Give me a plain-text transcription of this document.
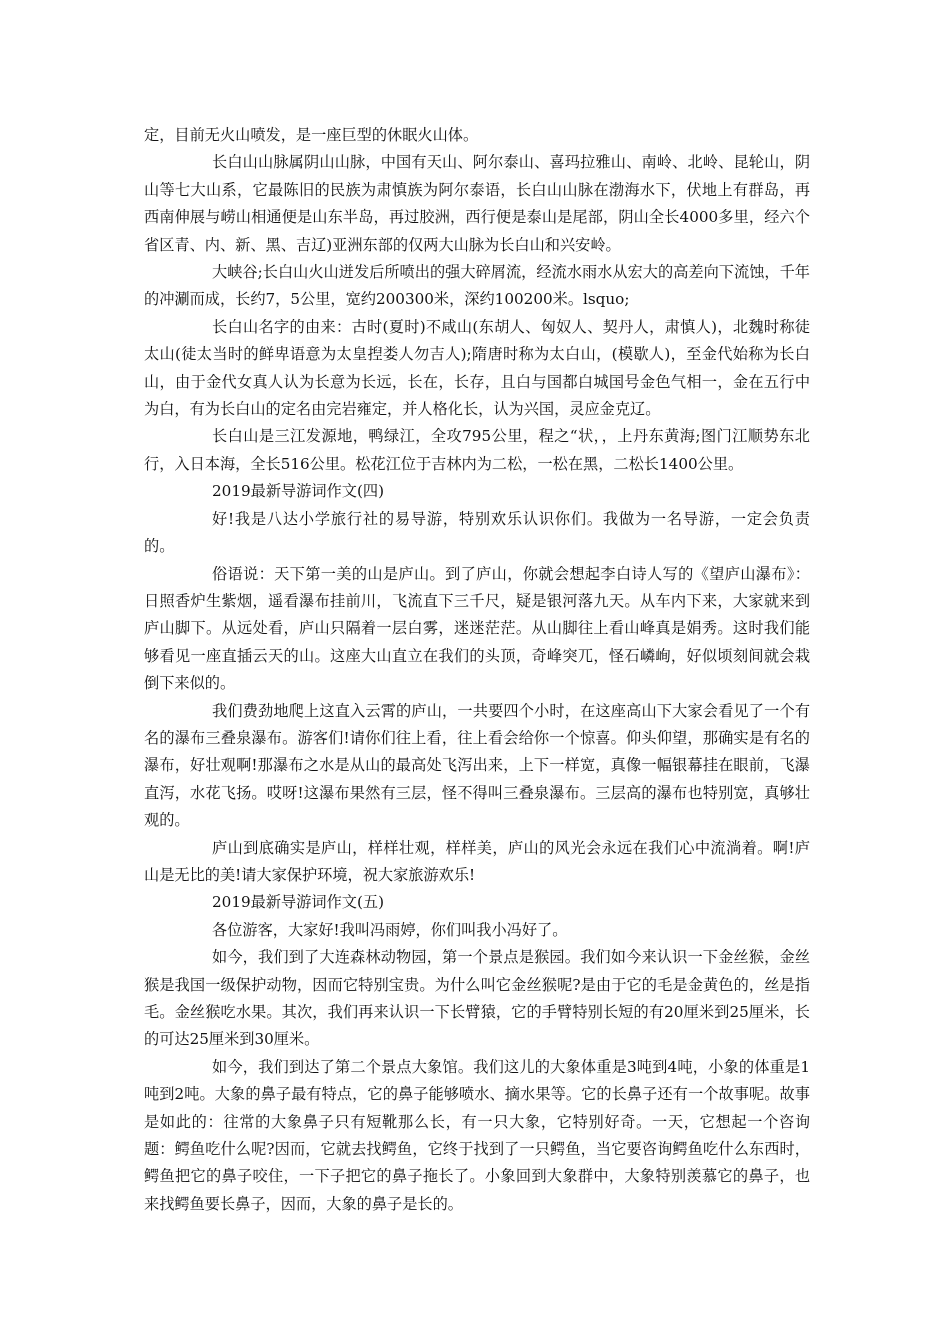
定，目前无火山喷发，是一座巨型的休眠火山体。

长白山山脉属阴山山脉，中国有天山、阿尔泰山、喜玛拉雅山、南岭、北岭、昆轮山，阴山等七大山系，它最陈旧的民族为肃慎族为阿尔泰语，长白山山脉在渤海水下，伏地上有群岛，再西南伸展与崂山相通便是山东半岛，再过胶洲，西行便是泰山是尾部，阴山全长4000多里，经六个省区青、内、新、黑、吉辽)亚洲东部的仅两大山脉为长白山和兴安岭。

大峡谷;长白山火山迸发后所喷出的强大碎屑流，经流水雨水从宏大的高差向下流蚀，千年的冲涮而成，长约7，5公里，宽约200300米，深约100200米。lsquo;

长白山名字的由来：古时(夏时)不咸山(东胡人、匈奴人、契丹人，肃慎人)，北魏时称徒太山(徒太当时的鲜卑语意为太皇揑娄人勿吉人);隋唐时称为太白山，(模歇人)，至金代始称为长白山，由于金代女真人认为长意为长远，长在，长存，且白与国都白城国号金色气相一，金在五行中为白，有为长白山的定名由完岩雍定，并人格化长，认为兴国，灵应金克辽。

长白山是三江发源地，鸭绿江，全攻795公里，程之“状，，上丹东黄海;图门江顺势东北行，入日本海，全长516公里。松花江位于吉林内为二松，一松在黑，二松长1400公里。

2019最新导游词作文(四)

好!我是八达小学旅行社的易导游，特别欢乐认识你们。我做为一名导游，一定会负责的。

俗语说：天下第一美的山是庐山。到了庐山，你就会想起李白诗人写的《望庐山瀑布》：日照香炉生紫烟，遥看瀑布挂前川，飞流直下三千尺，疑是银河落九天。从车内下来，大家就来到庐山脚下。从远处看，庐山只隔着一层白雾，迷迷茫茫。从山脚往上看山峰真是娟秀。这时我们能够看见一座直插云天的山。这座大山直立在我们的头顶，奇峰突兀，怪石嶙峋，好似顷刻间就会栽倒下来似的。

我们费劲地爬上这直入云霄的庐山，一共要四个小时，在这座高山下大家会看见了一个有名的瀑布三叠泉瀑布。游客们!请你们往上看，往上看会给你一个惊喜。仰头仰望，那确实是有名的瀑布，好壮观啊!那瀑布之水是从山的最高处飞泻出来，上下一样宽，真像一幅银幕挂在眼前，飞瀑直泻，水花飞扬。哎呀!这瀑布果然有三层，怪不得叫三叠泉瀑布。三层高的瀑布也特别宽，真够壮观的。

庐山到底确实是庐山，样样壮观，样样美，庐山的风光会永远在我们心中流淌着。啊!庐山是无比的美!请大家保护环境，祝大家旅游欢乐!

2019最新导游词作文(五)

各位游客，大家好!我叫冯雨婷，你们叫我小冯好了。

如今，我们到了大连森林动物园，第一个景点是猴园。我们如今来认识一下金丝猴，金丝猴是我国一级保护动物，因而它特别宝贵。为什么叫它金丝猴呢?是由于它的毛是金黄色的，丝是指毛。金丝猴吃水果。其次，我们再来认识一下长臂猿，它的手臂特别长短的有20厘米到25厘米，长的可达25厘米到30厘米。

如今，我们到达了第二个景点大象馆。我们这儿的大象体重是3吨到4吨，小象的体重是1吨到2吨。大象的鼻子最有特点，它的鼻子能够喷水、摘水果等。它的长鼻子还有一个故事呢。故事是如此的：往常的大象鼻子只有短靴那么长，有一只大象，它特别好奇。一天，它想起一个咨询题：鳄鱼吃什么呢?因而，它就去找鳄鱼，它终于找到了一只鳄鱼，当它要咨询鳄鱼吃什么东西时，鳄鱼把它的鼻子咬住，一下子把它的鼻子拖长了。小象回到大象群中，大象特别羡慕它的鼻子，也来找鳄鱼要长鼻子，因而，大象的鼻子是长的。
